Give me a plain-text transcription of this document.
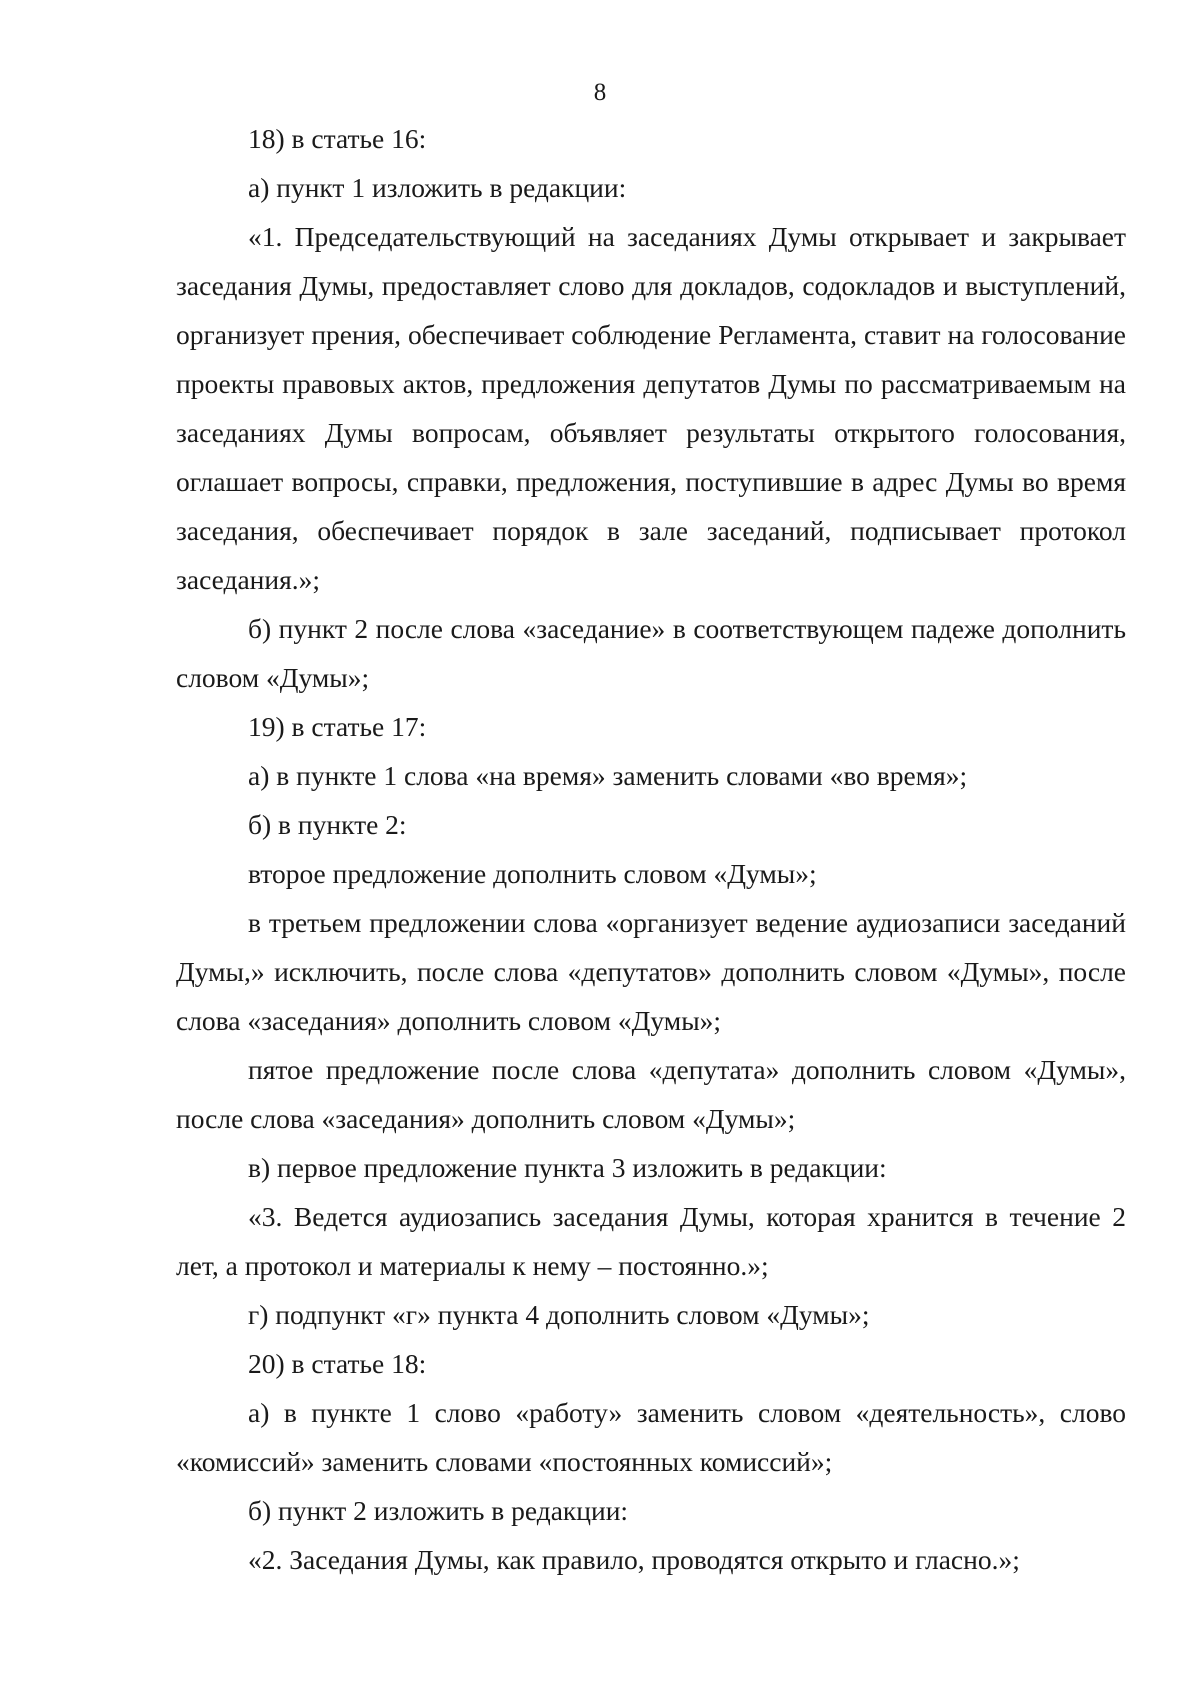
8

18) в статье 16:

а) пункт 1 изложить в редакции:

«1. Председательствующий на заседаниях Думы открывает и закрывает заседания Думы, предоставляет слово для докладов, содокладов и выступлений, организует прения, обеспечивает соблюдение Регламента, ставит на голосование проекты правовых актов, предложения депутатов Думы по рассматриваемым на заседаниях Думы вопросам, объявляет результаты открытого голосования, оглашает вопросы, справки, предложения, поступившие в адрес Думы во время заседания, обеспечивает порядок в зале заседаний, подписывает протокол заседания.»;

б) пункт 2 после слова «заседание» в соответствующем падеже дополнить словом «Думы»;

19) в статье 17:

а) в пункте 1 слова «на время» заменить словами «во время»;

б) в пункте 2:

второе предложение дополнить словом «Думы»;

в третьем предложении слова «организует ведение аудиозаписи заседаний Думы,» исключить, после слова «депутатов» дополнить словом «Думы», после слова «заседания» дополнить словом «Думы»;

пятое предложение после слова «депутата» дополнить словом «Думы», после слова «заседания» дополнить словом «Думы»;

в) первое предложение пункта 3 изложить в редакции:

«3. Ведется аудиозапись заседания Думы, которая хранится в течение 2 лет, а протокол и материалы к нему – постоянно.»;

г) подпункт «г» пункта 4 дополнить словом «Думы»;

20) в статье 18:

а) в пункте 1 слово «работу» заменить словом «деятельность», слово «комиссий» заменить словами «постоянных комиссий»;

б) пункт 2 изложить в редакции:

«2. Заседания Думы, как правило, проводятся открыто и гласно.»;
